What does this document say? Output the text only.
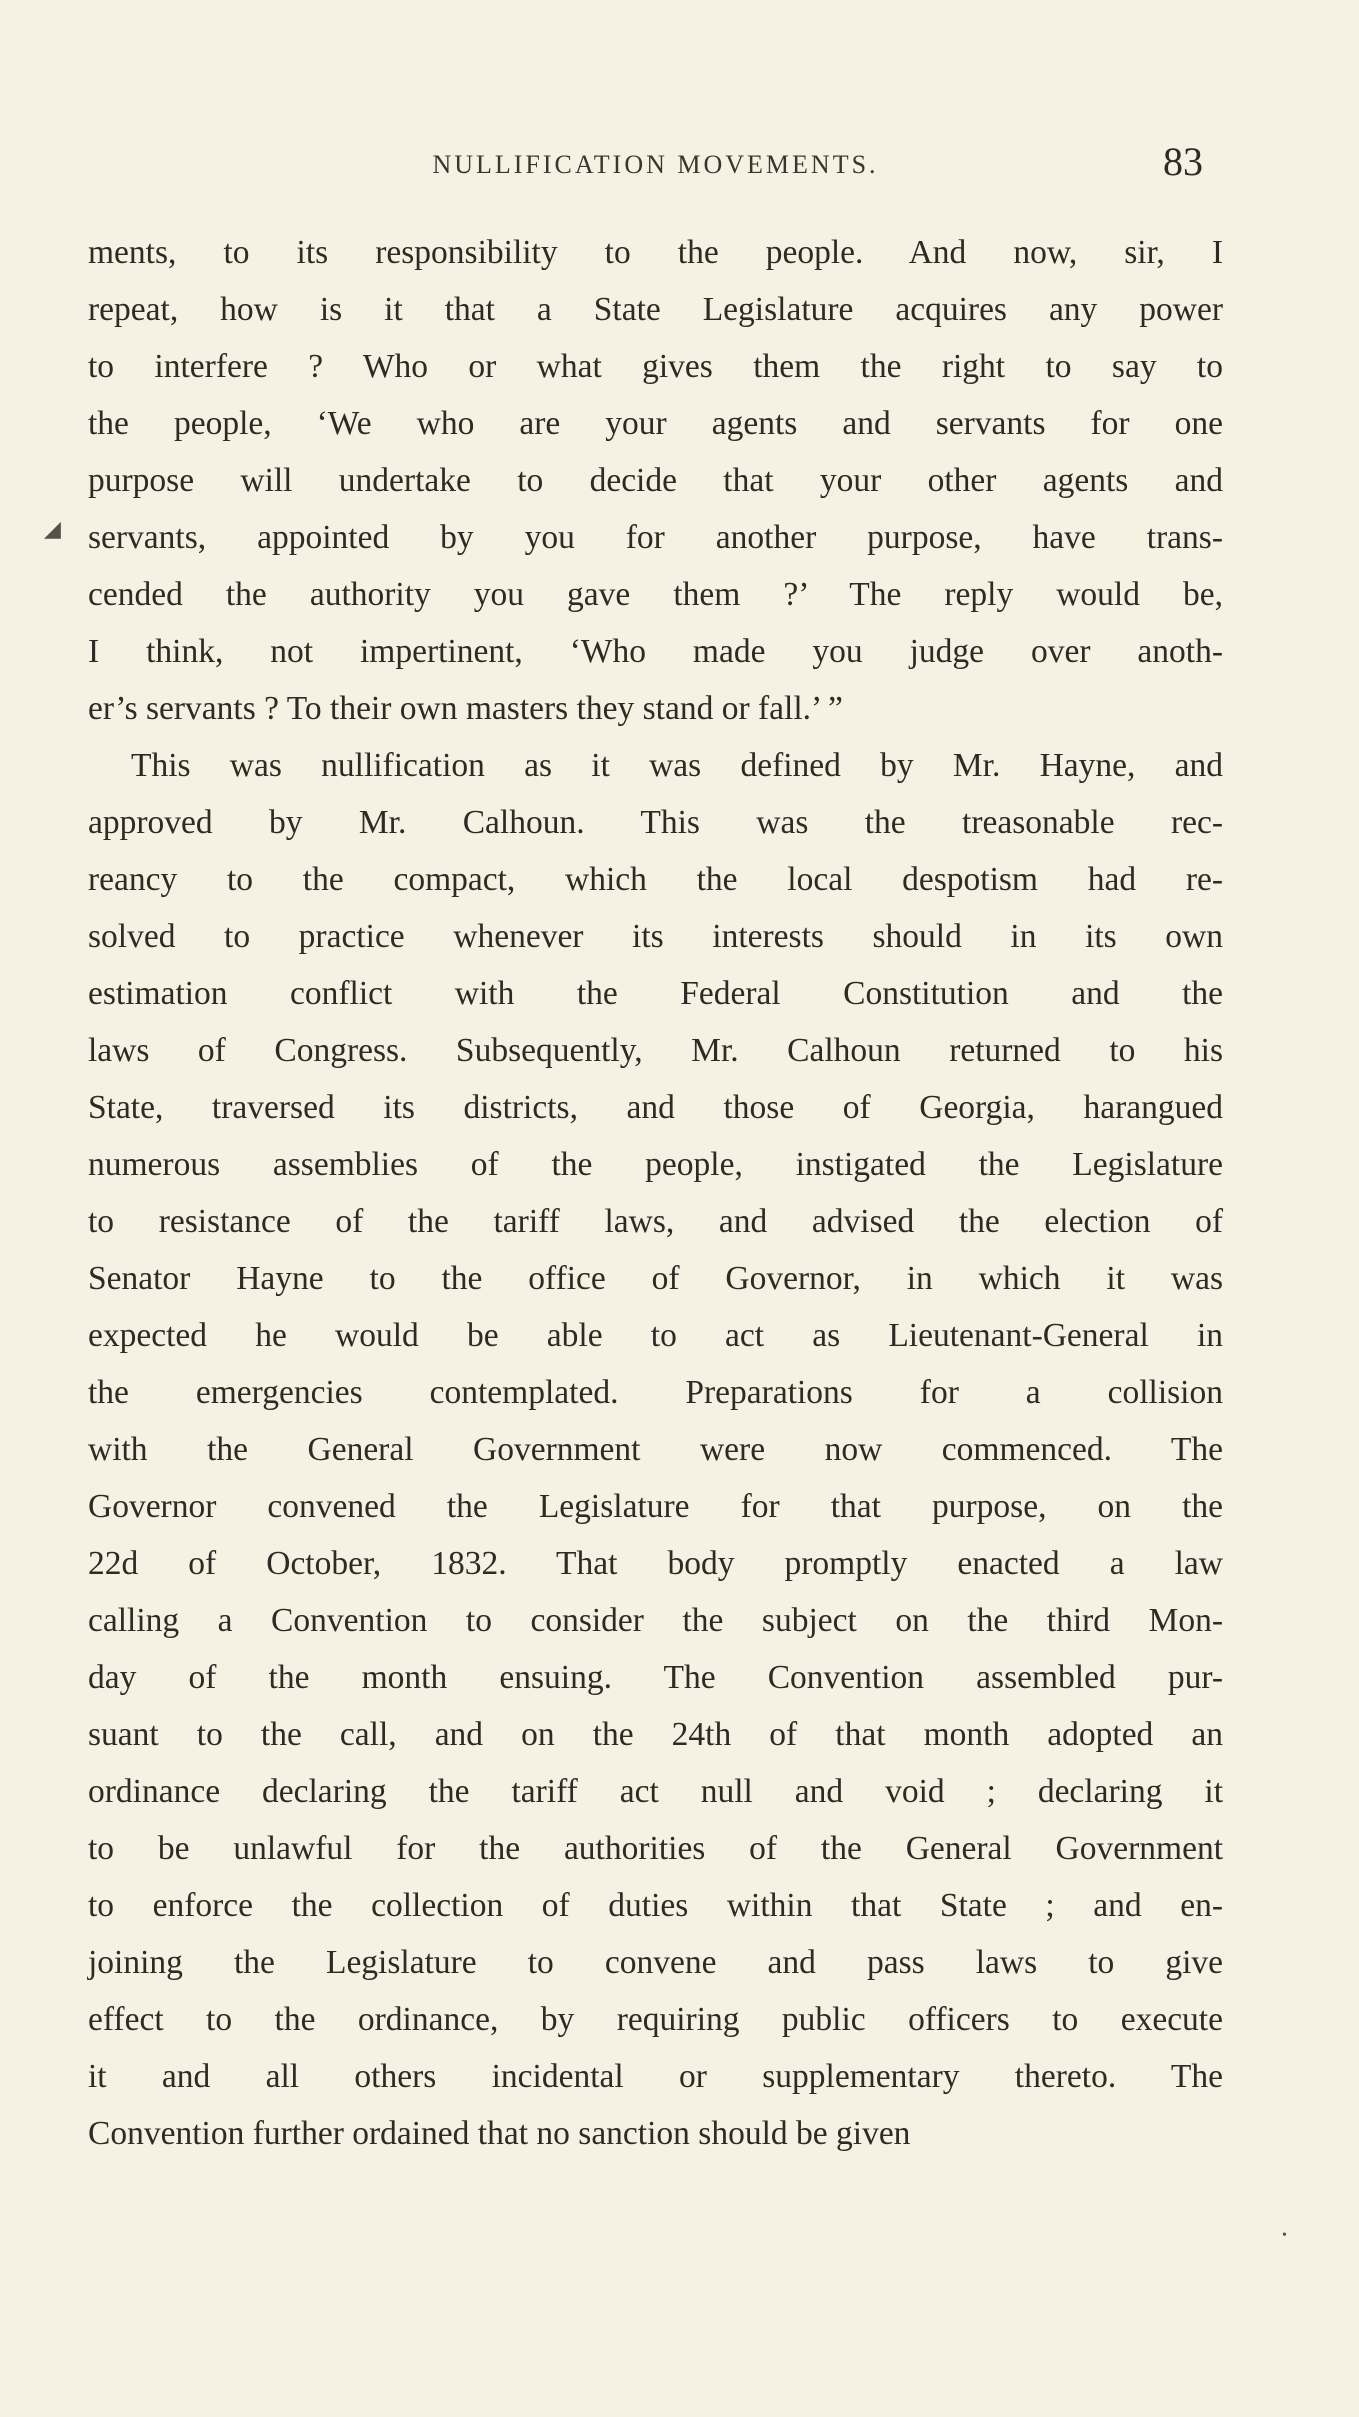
NULLIFICATION MOVEMENTS.	83
ments, to its responsibility to the people. And now, sir, I
repeat, how is it that a State Legislature acquires any power
to interfere ? Who or what gives them the right to say to
the people, ‘We who are your agents and servants for one
purpose will undertake to decide that your other agents and
servants, appointed by you for another purpose, have trans-
cended the authority you gave them ?’ The reply would be,
I think, not impertinent, ‘Who made you judge over anoth-
er’s servants ? To their own masters they stand or fall.’ ”
This was nullification as it was defined by Mr. Hayne, and
approved by Mr. Calhoun. This was the treasonable rec-
reancy to the compact, which the local despotism had re-
solved to practice whenever its interests should in its own
estimation conflict with the Federal Constitution and the
laws of Congress. Subsequently, Mr. Calhoun returned to his
State, traversed its districts, and those of Georgia, harangued
numerous assemblies of the people, instigated the Legislature
to resistance of the tariff laws, and advised the election of
Senator Hayne to the office of Governor, in which it was
expected he would be able to act as Lieutenant-General in
the emergencies contemplated. Preparations for a collision
with the General Government were now commenced. The
Governor convened the Legislature for that purpose, on the
22d of October, 1832. That body promptly enacted a law
calling a Convention to consider the subject on the third Mon-
day of the month ensuing. The Convention assembled pur-
suant to the call, and on the 24th of that month adopted an
ordinance declaring the tariff act null and void ; declaring it
to be unlawful for the authorities of the General Government
to enforce the collection of duties within that State ; and en-
joining the Legislature to convene and pass laws to give
effect to the ordinance, by requiring public officers to execute
it and all others incidental or supplementary thereto. The
Convention further ordained that no sanction should be given
◢
•
